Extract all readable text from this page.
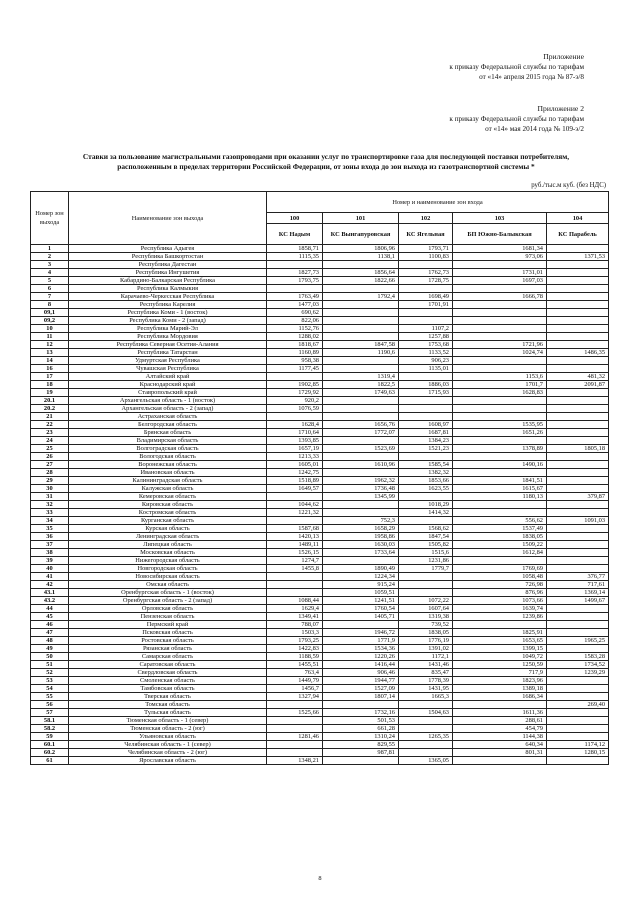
Приложение
к приказу Федеральной службы по тарифам
от «14» апреля 2015 года № 87-э/8
Приложение 2
к приказу Федеральной службы по тарифам
от «14» мая 2014 года № 109-э/2
Ставки за пользование магистральными газопроводами при оказании услуг по транспортировке газа для последующей поставки потребителям,
расположенным в пределах территории Российской Федерации, от зоны входа до зон выхода из газотранспортной системы *
руб./тыс.м куб. (без НДС)
Номер зон выхода	Наименование зон выхода	Номер и наименование зон входа				
		100	101	102	103	104
		КС Надым	КС Вынгапуровская	КС Ягельная	БП Южно-Балыкская	КС Парабель
1	Республика Адыгея	1858,71	1806,96	1793,71	1681,34	
2	Республика Башкортостан	1115,35	1138,1	1100,83	973,06	1371,53
3	Республика Дагестан					
4	Республика Ингушетия	1827,73	1856,64	1762,73	1731,01	
5	Кабардино-Балкарская Республика	1793,75	1822,66	1728,75	1697,03	
6	Республика Калмыкия					
7	Карачаево-Черкесская Республика	1763,49	1792,4	1698,49	1666,78	
8	Республика Карелия	1477,03		1701,91		
09,1	Республика Коми - 1 (восток)	690,62				
09,2	Республика Коми - 2 (запад)	822,06				
10	Республика Марий-Эл	1152,76		1107,2		
11	Республика Мордовия	1288,02		1257,88		
12	Республика Северная Осетия-Алания	1818,67	1847,58	1753,68	1721,96	
13	Республика Татарстан	1160,89	1190,6	1133,52	1024,74	1486,35
14	Удмуртская Республика	958,38		906,23		
16	Чувашская Республика	1177,45		1135,01		
17	Алтайский край		1319,4		1153,6	481,32
18	Краснодарский край	1902,85	1822,5	1886,03	1701,7	2091,87
19	Ставропольский край	1729,92	1749,63	1715,93	1628,83	
20.1	Архангельская область - 1 (восток)	920,2				
20.2	Архангельская область - 2 (запад)	1076,59				
21	Астраханская область					
22	Белгородская область	1628,4	1656,76	1608,97	1535,95	
23	Брянская область	1710,64	1772,07	1687,81	1651,26	
24	Владимирская область	1393,85		1384,23		
25	Волгоградская область	1657,19	1523,69	1521,23	1378,89	1805,18
26	Вологодская область	1213,33				
27	Воронежская область	1605,01	1610,96	1585,54	1490,16	
28	Ивановская область	1242,75		1382,32		
29	Калининградская область	1518,89	1962,32	1853,66	1841,51	
30	Калужская область	1649,57	1736,48	1623,55	1615,67	
31	Кемеровская область		1345,99		1180,13	379,87
32	Кировская область	1044,62		1018,29		
33	Костромская область	1221,32		1414,32		
34	Курганская область		752,3		556,62	1091,03
35	Курская область	1587,68	1658,29	1568,62	1537,49	
36	Ленинградская область	1420,13	1958,86	1847,54	1838,05	
37	Липецкая область	1489,11	1630,03	1505,82	1509,22	
38	Московская область	1526,15	1733,64	1515,6	1612,84	
39	Нижегородская область	1274,7		1231,86		
40	Новгородская область	1455,8	1890,49	1779,7	1769,69	
41	Новосибирская область		1224,34		1058,48	376,77
42	Омская область		915,24		726,98	717,61
43.1	Оренбургская область - 1 (восток)		1059,51		876,96	1369,14
43.2	Оренбургская область - 2 (запад)	1088,44	1241,51	1072,22	1073,66	1499,67
44	Орловская область	1629,4	1760,54	1607,64	1639,74	
45	Пензенская область	1349,41	1405,71	1319,38	1239,86	
46	Пермский край	788,07		739,52		
47	Псковская область	1503,3	1946,72	1838,05	1825,91	
48	Ростовская область	1793,25	1771,9	1776,19	1653,65	1965,25
49	Рязанская область	1422,83	1534,36	1391,02	1399,15	
50	Самарская область	1188,59	1220,26	1172,1	1049,72	1583,28
51	Саратовская область	1455,51	1416,44	1431,46	1250,59	1734,52
52	Свердловская область	763,4	906,46	835,47	717,9	1239,29
53	Смоленская область	1449,79	1944,77	1778,39	1823,96	
54	Тамбовская область	1456,7	1527,09	1431,95	1389,18	
55	Тверская область	1327,94	1807,14	1665,3	1686,34	
56	Томская область					269,40
57	Тульская область	1525,66	1732,16	1504,63	1611,36	
58.1	Тюменская область - 1 (север)		501,53		288,61	
58.2	Тюменская область - 2 (юг)		661,28		454,79	
59	Ульяновская область	1281,46	1310,24	1265,35	1144,38	
60.1	Челябинская область - 1 (север)		829,55		640,34	1174,12
60.2	Челябинская область - 2 (юг)		987,81		801,31	1280,15
61	Ярославская область	1348,21		1365,05		
8
